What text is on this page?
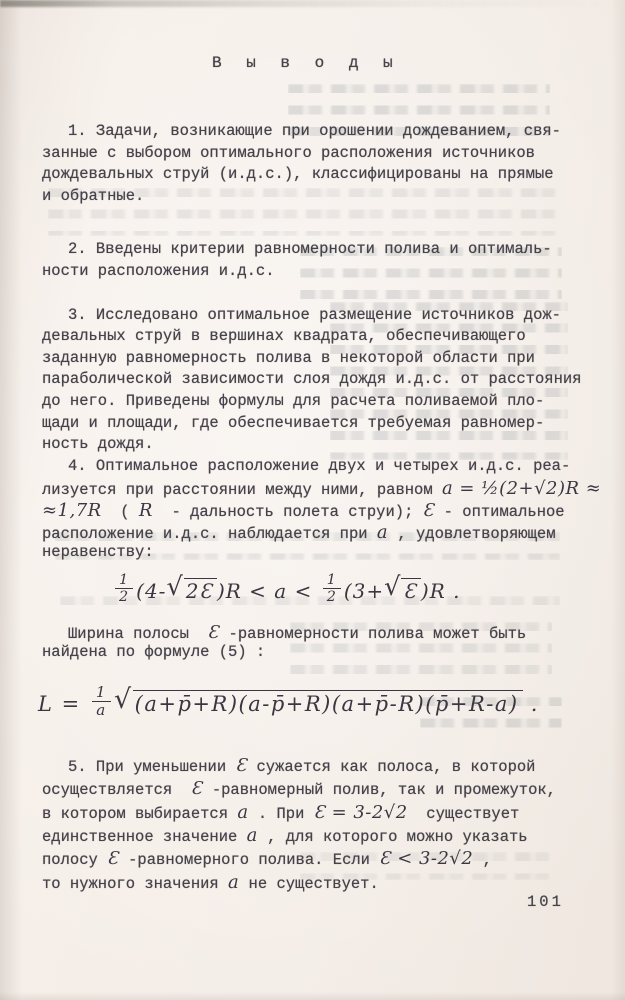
В ы в о д ы
1. Задачи, возникающие при орошении дождеванием, свя-
занные с выбором оптимального расположения источников
дождевальных струй (и.д.с.), классифицированы на прямые
и обратные.
2. Введены критерии равномерности полива и оптималь-
ности расположения и.д.с.
3. Исследовано оптимальное размещение источников дож-
девальных струй в вершинах квадрата, обеспечивающего
заданную равномерность полива в некоторой области при
параболической зависимости слоя дождя и.д.с. от расстояния
до него. Приведены формулы для расчета поливаемой пло-
щади и площади, где обеспечивается требуемая равномер-
ность дождя.
4. Оптимальное расположение двух и четырех и.д.с. реа-
лизуется при расстоянии между ними, равном a = ½(2+√2)R ≈
≈1,7R  ( R  - дальность полета струи); Ɛ - оптимальное
расположение и.д.с. наблюдается при a , удовлетворяющем
неравенству:
$\frac{1}{2} (4-$ √ 2Ɛ )$R < a < \frac{1}{2} (3+$ √ Ɛ )R .
Ширина полосы  Ɛ -равномерности полива может быть
найдена по формуле (5) :
$L = \frac{1}{a}$ √ (a+p̄+R)(a-p̄+R)(a+p̄-R)(p̄+R-a) .
5. При уменьшении Ɛ сужается как полоса, в которой
осуществляется  Ɛ -равномерный полив, так и промежуток,
в котором выбирается a . При Ɛ = 3-2√2  существует
единственное значение a , для которого можно указать
полосу Ɛ -равномерного полива. Если Ɛ < 3-2√2 ,
то нужного значения a не существует.
101
